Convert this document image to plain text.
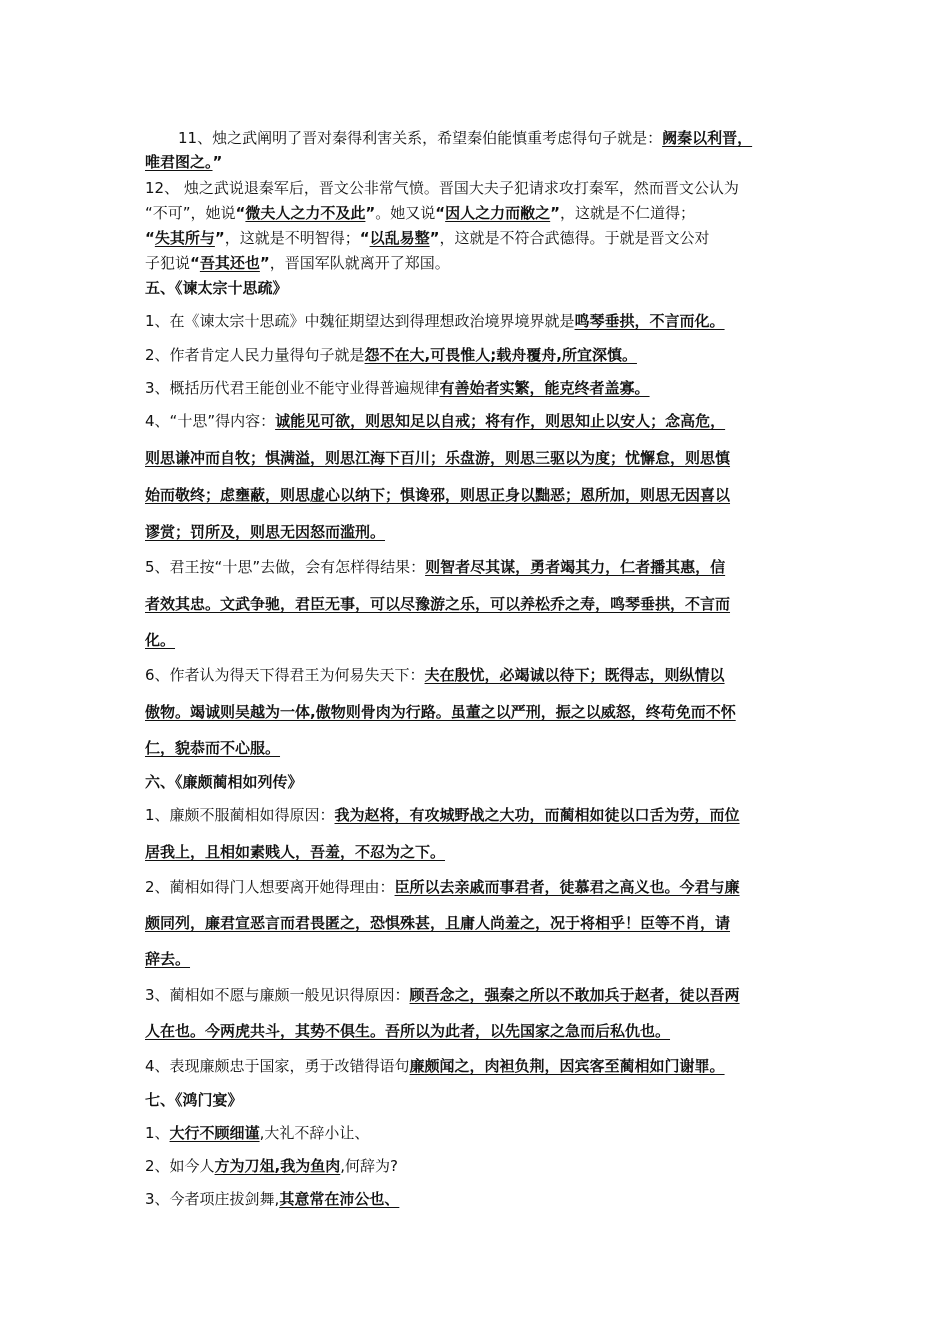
11、烛之武阐明了晋对秦得利害关系，希望秦伯能慎重考虑得句子就是：阙秦以利晋，
唯君图之。”
12、 烛之武说退秦军后，晋文公非常气愤。晋国大夫子犯请求攻打秦军，然而晋文公认为
“不可”，她说“微夫人之力不及此”。她又说“因人之力而敝之”，这就是不仁道得；
“失其所与”，这就是不明智得；“以乱易整”，这就是不符合武德得。于就是晋文公对
子犯说“吾其还也”，晋国军队就离开了郑国。
五、《谏太宗十思疏》
1、在《谏太宗十思疏》中魏征期望达到得理想政治境界境界就是鸣琴垂拱，不言而化。
2、作者肯定人民力量得句子就是怨不在大,可畏惟人;载舟覆舟,所宜深慎。
3、概括历代君王能创业不能守业得普遍规律有善始者实繁，能克终者盖寡。
4、“十思”得内容：诚能见可欲，则思知足以自戒；将有作，则思知止以安人；念高危，
则思谦冲而自牧；惧满溢，则思江海下百川；乐盘游，则思三驱以为度；忧懈怠，则思慎
始而敬终；虑壅蔽，则思虚心以纳下；惧谗邪，则思正身以黜恶；恩所加，则思无因喜以
谬赏；罚所及，则思无因怒而滥刑。
5、君王按“十思”去做，会有怎样得结果：则智者尽其谋，勇者竭其力，仁者播其惠，信
者效其忠。文武争驰，君臣无事，可以尽豫游之乐，可以养松乔之寿，鸣琴垂拱，不言而
化。
6、作者认为得天下得君王为何易失天下：夫在殷忧，必竭诚以待下；既得志，则纵情以
傲物。竭诚则吴越为一体,傲物则骨肉为行路。虽董之以严刑，振之以威怒，终苟免而不怀
仁，貌恭而不心服。
六、《廉颇蔺相如列传》
1、廉颇不服蔺相如得原因：我为赵将，有攻城野战之大功，而蔺相如徒以口舌为劳，而位
居我上，且相如素贱人，吾羞，不忍为之下。
2、蔺相如得门人想要离开她得理由：臣所以去亲戚而事君者，徒慕君之高义也。今君与廉
颇同列，廉君宣恶言而君畏匿之，恐惧殊甚，且庸人尚羞之，况于将相乎！臣等不肖，请
辞去。
3、蔺相如不愿与廉颇一般见识得原因：顾吾念之，强秦之所以不敢加兵于赵者，徒以吾两
人在也。今两虎共斗，其势不俱生。吾所以为此者，以先国家之急而后私仇也。
4、表现廉颇忠于国家，勇于改错得语句廉颇闻之，肉袒负荆，因宾客至蔺相如门谢罪。
七、《鸿门宴》
1、大行不顾细谨,大礼不辞小让、
2、如今人方为刀俎,我为鱼肉,何辞为?
3、今者项庄拔剑舞,其意常在沛公也、
